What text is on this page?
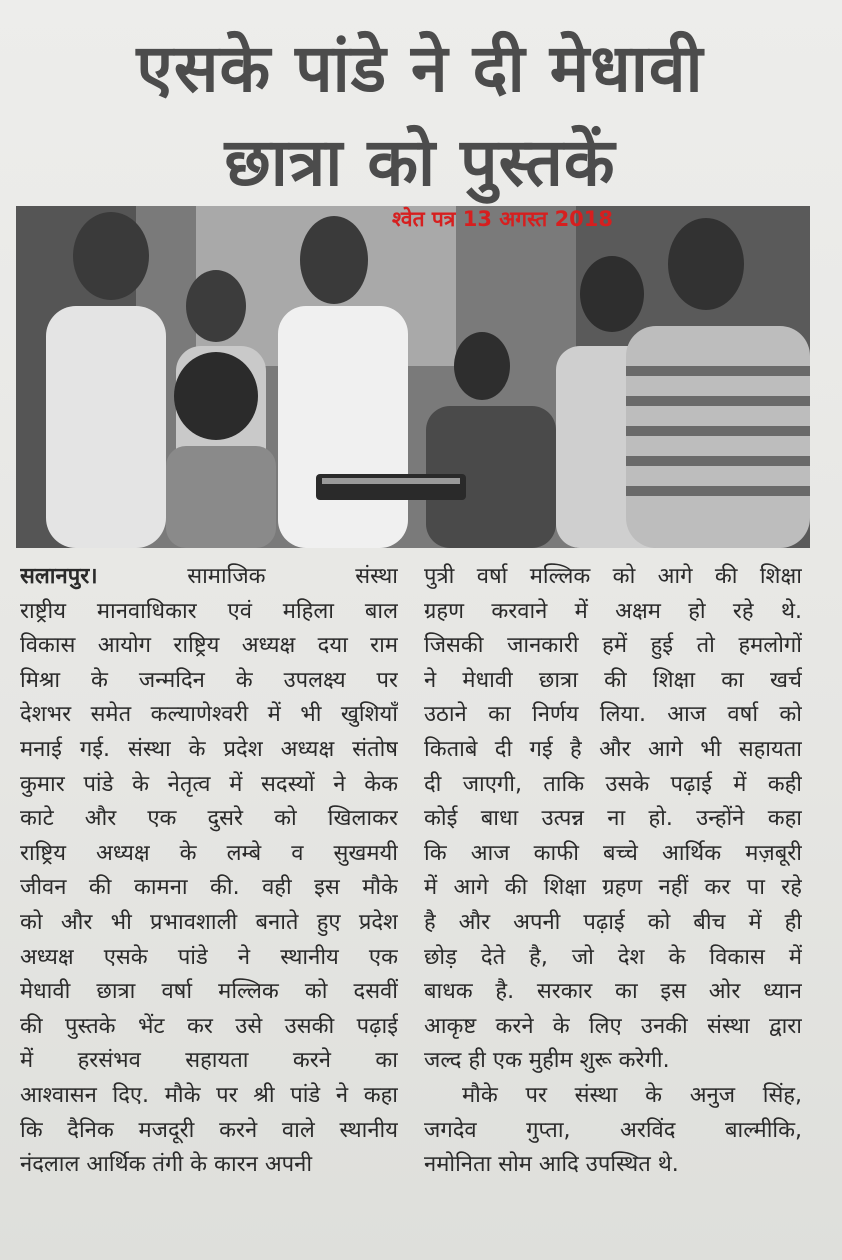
एसके पांडे ने दी मेधावी
छात्रा को पुस्तकें
श्वेत पत्र 13 अगस्त 2018
सलानपुर। सामाजिक संस्था
राष्ट्रीय मानवाधिकार एवं महिला बाल
विकास आयोग राष्ट्रिय अध्यक्ष दया राम
मिश्रा के जन्मदिन के उपलक्ष्य पर
देशभर समेत कल्याणेश्वरी में भी खुशियाँ
मनाई गई. संस्था के प्रदेश अध्यक्ष संतोष
कुमार पांडे के नेतृत्व में सदस्यों ने केक
काटे और एक दुसरे को खिलाकर
राष्ट्रिय अध्यक्ष के लम्बे व सुखमयी
जीवन की कामना की. वही इस मौके
को और भी प्रभावशाली बनाते हुए प्रदेश
अध्यक्ष एसके पांडे ने स्थानीय एक
मेधावी छात्रा वर्षा मल्लिक को दसवीं
की पुस्तके भेंट कर उसे उसकी पढ़ाई
में हरसंभव सहायता करने का
आश्वासन दिए. मौके पर श्री पांडे ने कहा
कि दैनिक मजदूरी करने वाले स्थानीय
नंदलाल आर्थिक तंगी के कारन अपनी
पुत्री वर्षा मल्लिक को आगे की शिक्षा
ग्रहण करवाने में अक्षम हो रहे थे.
जिसकी जानकारी हमें हुई तो हमलोगों
ने मेधावी छात्रा की शिक्षा का खर्च
उठाने का निर्णय लिया. आज वर्षा को
किताबे दी गई है और आगे भी सहायता
दी जाएगी, ताकि उसके पढ़ाई में कही
कोई बाधा उत्पन्न ना हो. उन्होंने कहा
कि आज काफी बच्चे आर्थिक मज़बूरी
में आगे की शिक्षा ग्रहण नहीं कर पा रहे
है और अपनी पढ़ाई को बीच में ही
छोड़ देते है, जो देश के विकास में
बाधक है. सरकार का इस ओर ध्यान
आकृष्ट करने के लिए उनकी संस्था द्वारा
जल्द ही एक मुहीम शुरू करेगी.
मौके पर संस्था के अनुज सिंह,
जगदेव गुप्ता, अरविंद बाल्मीकि,
नमोनिता सोम आदि उपस्थित थे.
